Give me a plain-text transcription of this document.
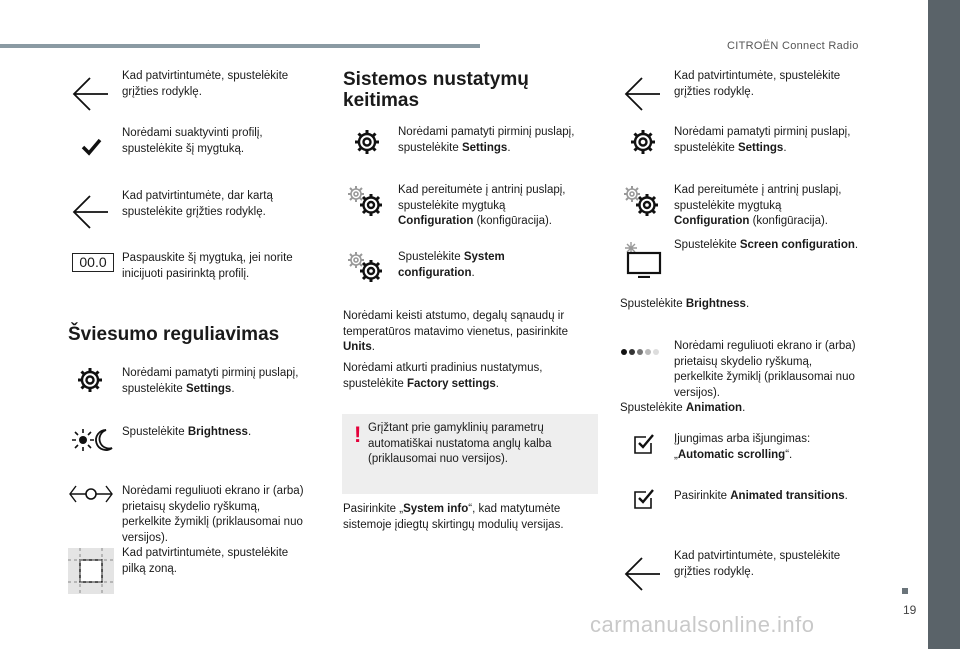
CITROËN Connect Radio
19
Kad patvirtintumėte, spustelėkite grįžties rodyklę.
Norėdami suaktyvinti profilį, spustelėkite šį mygtuką.
Kad patvirtintumėte, dar kartą spustelėkite grįžties rodyklę.
00.0	Paspauskite šį mygtuką, jei norite inicijuoti pasirinktą profilį.
Šviesumo reguliavimas
Norėdami pamatyti pirminį puslapį, spustelėkite Settings.
Spustelėkite Brightness.
Norėdami reguliuoti ekrano ir (arba) prietaisų skydelio ryškumą, perkelkite žymiklį (priklausomai nuo versijos).
Kad patvirtintumėte, spustelėkite pilką zoną.
Sistemos nustatymų keitimas
Norėdami pamatyti pirminį puslapį, spustelėkite Settings.
Kad pereitumėte į antrinį puslapį, spustelėkite mygtuką Configuration (konfigūracija).
Spustelėkite System configuration.
Norėdami keisti atstumo, degalų sąnaudų ir temperatūros matavimo vienetus, pasirinkite Units.
Norėdami atkurti pradinius nustatymus, spustelėkite Factory settings.
! Grįžtant prie gamyklinių parametrų automatiškai nustatoma anglų kalba (priklausomai nuo versijos).
Pasirinkite „System info“, kad matytumėte sistemoje įdiegtų skirtingų modulių versijas.
Kad patvirtintumėte, spustelėkite grįžties rodyklę.
Norėdami pamatyti pirminį puslapį, spustelėkite Settings.
Kad pereitumėte į antrinį puslapį, spustelėkite mygtuką Configuration (konfigūracija).
Spustelėkite Screen configuration.
Spustelėkite Brightness.
Norėdami reguliuoti ekrano ir (arba) prietaisų skydelio ryškumą, perkelkite žymiklį (priklausomai nuo versijos).
Spustelėkite Animation.
Įjungimas arba išjungimas: „Automatic scrolling“.
Pasirinkite Animated transitions.
Kad patvirtintumėte, spustelėkite grįžties rodyklę.
carmanualsonline.info
